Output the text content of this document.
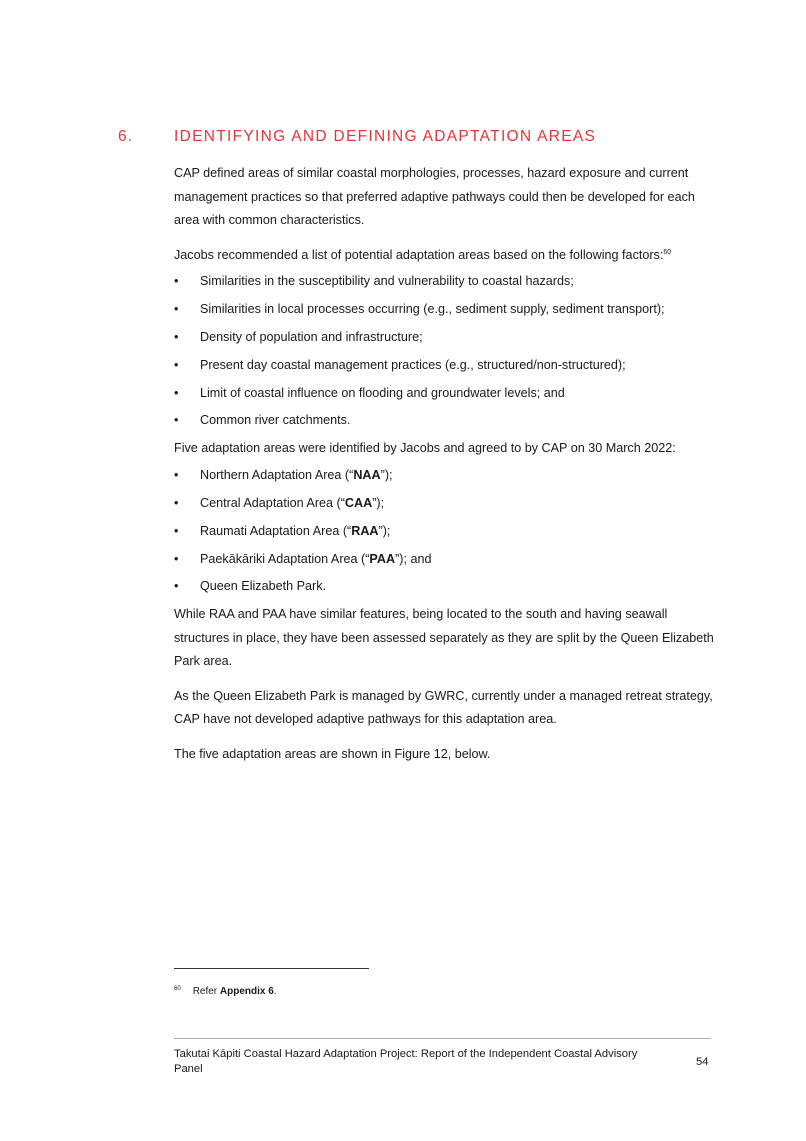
6.	IDENTIFYING AND DEFINING ADAPTATION AREAS

CAP defined areas of similar coastal morphologies, processes, hazard exposure and current management practices so that preferred adaptive pathways could then be developed for each area with common characteristics.

Jacobs recommended a list of potential adaptation areas based on the following factors:$^{60}$

• Similarities in the susceptibility and vulnerability to coastal hazards;
• Similarities in local processes occurring (e.g., sediment supply, sediment transport);
• Density of population and infrastructure;
• Present day coastal management practices (e.g., structured/non-structured);
• Limit of coastal influence on flooding and groundwater levels; and
• Common river catchments.

Five adaptation areas were identified by Jacobs and agreed to by CAP on 30 March 2022:

• Northern Adaptation Area (“NAA”);
• Central Adaptation Area (“CAA”);
• Raumati Adaptation Area (“RAA”);
• Paekākāriki Adaptation Area (“PAA”); and
• Queen Elizabeth Park.

While RAA and PAA have similar features, being located to the south and having seawall structures in place, they have been assessed separately as they are split by the Queen Elizabeth Park area.

As the Queen Elizabeth Park is managed by GWRC, currently under a managed retreat strategy, CAP have not developed adaptive pathways for this adaptation area.

The five adaptation areas are shown in Figure 12, below.

$^{60}$ Refer Appendix 6.
Takutai Kāpiti Coastal Hazard Adaptation Project: Report of the Independent Coastal Advisory Panel
54
